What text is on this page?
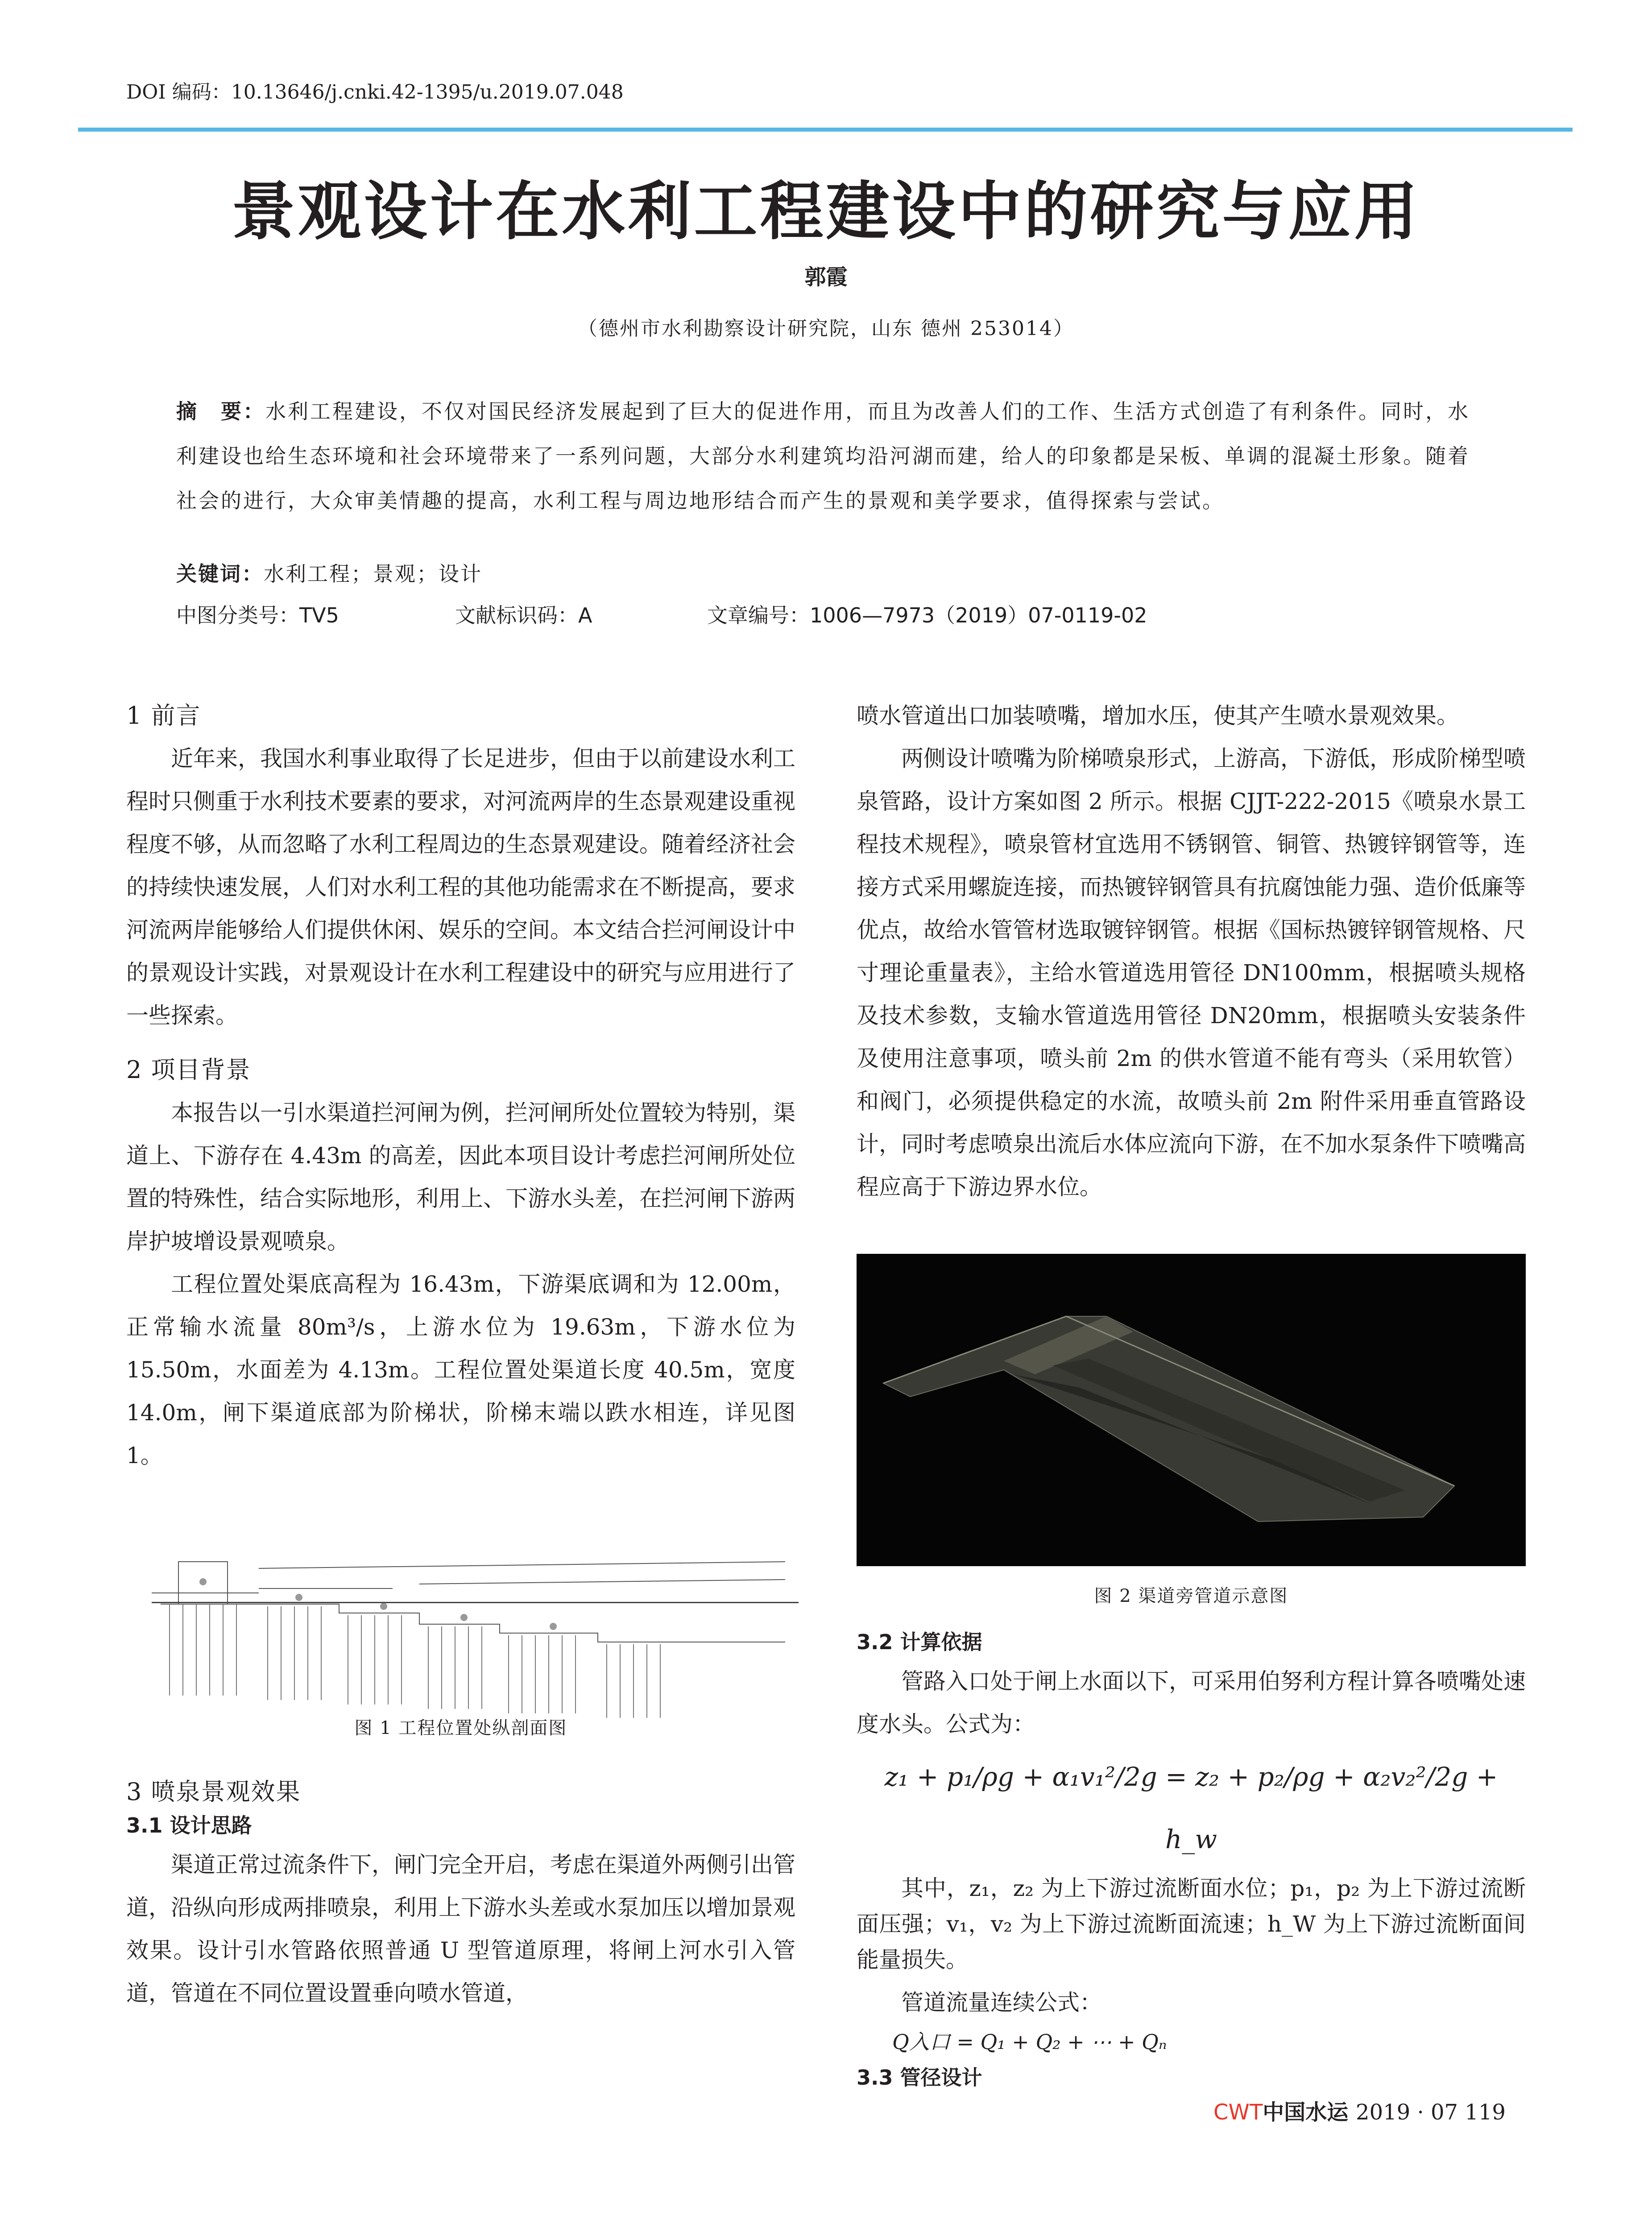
DOI 编码：10.13646/j.cnki.42-1395/u.2019.07.048
景观设计在水利工程建设中的研究与应用
郭霞
（德州市水利勘察设计研究院，山东 德州 253014）
摘　要：水利工程建设，不仅对国民经济发展起到了巨大的促进作用，而且为改善人们的工作、生活方式创造了有利条件。同时，水利建设也给生态环境和社会环境带来了一系列问题，大部分水利建筑均沿河湖而建，给人的印象都是呆板、单调的混凝土形象。随着社会的进行，大众审美情趣的提高，水利工程与周边地形结合而产生的景观和美学要求，值得探索与尝试。
关键词：水利工程；景观；设计
中图分类号：TV5	文献标识码：A	文章编号：1006—7973（2019）07-0119-02
1 前言

近年来，我国水利事业取得了长足进步，但由于以前建设水利工程时只侧重于水利技术要素的要求，对河流两岸的生态景观建设重视程度不够，从而忽略了水利工程周边的生态景观建设。随着经济社会的持续快速发展，人们对水利工程的其他功能需求在不断提高，要求河流两岸能够给人们提供休闲、娱乐的空间。本文结合拦河闸设计中的景观设计实践，对景观设计在水利工程建设中的研究与应用进行了一些探索。

2 项目背景

本报告以一引水渠道拦河闸为例，拦河闸所处位置较为特别，渠道上、下游存在 4.43m 的高差，因此本项目设计考虑拦河闸所处位置的特殊性，结合实际地形，利用上、下游水头差，在拦河闸下游两岸护坡增设景观喷泉。

工程位置处渠底高程为 16.43m，下游渠底调和为 12.00m，正常输水流量 80m³/s，上游水位为 19.63m，下游水位为 15.50m，水面差为 4.13m。工程位置处渠道长度 40.5m，宽度 14.0m，闸下渠道底部为阶梯状，阶梯末端以跌水相连，详见图 1。

图 1 工程位置处纵剖面图
3 喷泉景观效果
3.1 设计思路

渠道正常过流条件下，闸门完全开启，考虑在渠道外两侧引出管道，沿纵向形成两排喷泉，利用上下游水头差或水泵加压以增加景观效果。设计引水管路依照普通 U 型管道原理，将闸上河水引入管道，管道在不同位置设置垂向喷水管道，

喷水管道出口加装喷嘴，增加水压，使其产生喷水景观效果。

两侧设计喷嘴为阶梯喷泉形式，上游高，下游低，形成阶梯型喷泉管路，设计方案如图 2 所示。根据 CJJT-222-2015《喷泉水景工程技术规程》，喷泉管材宜选用不锈钢管、铜管、热镀锌钢管等，连接方式采用螺旋连接，而热镀锌钢管具有抗腐蚀能力强、造价低廉等优点，故给水管管材选取镀锌钢管。根据《国标热镀锌钢管规格、尺寸理论重量表》，主给水管道选用管径 DN100mm，根据喷头规格及技术参数，支输水管道选用管径 DN20mm，根据喷头安装条件及使用注意事项，喷头前 2m 的供水管道不能有弯头（采用软管）和阀门，必须提供稳定的水流，故喷头前 2m 附件采用垂直管路设计，同时考虑喷泉出流后水体应流向下游，在不加水泵条件下喷嘴高程应高于下游边界水位。

图 2 渠道旁管道示意图
3.2 计算依据

管路入口处于闸上水面以下，可采用伯努利方程计算各喷嘴处速度水头。公式为：

z₁ + p₁/ρg + α₁v₁²/2g = z₂ + p₂/ρg + α₂v₂²/2g + h_w

其中，z₁，z₂ 为上下游过流断面水位；p₁，p₂ 为上下游过流断面压强；v₁，v₂ 为上下游过流断面流速；h_W 为上下游过流断面间能量损失。

管道流量连续公式：

Q入口 = Q₁ + Q₂ + ⋯ + Qₙ
3.3 管径设计
CWT中国水运 2019 · 07 119
